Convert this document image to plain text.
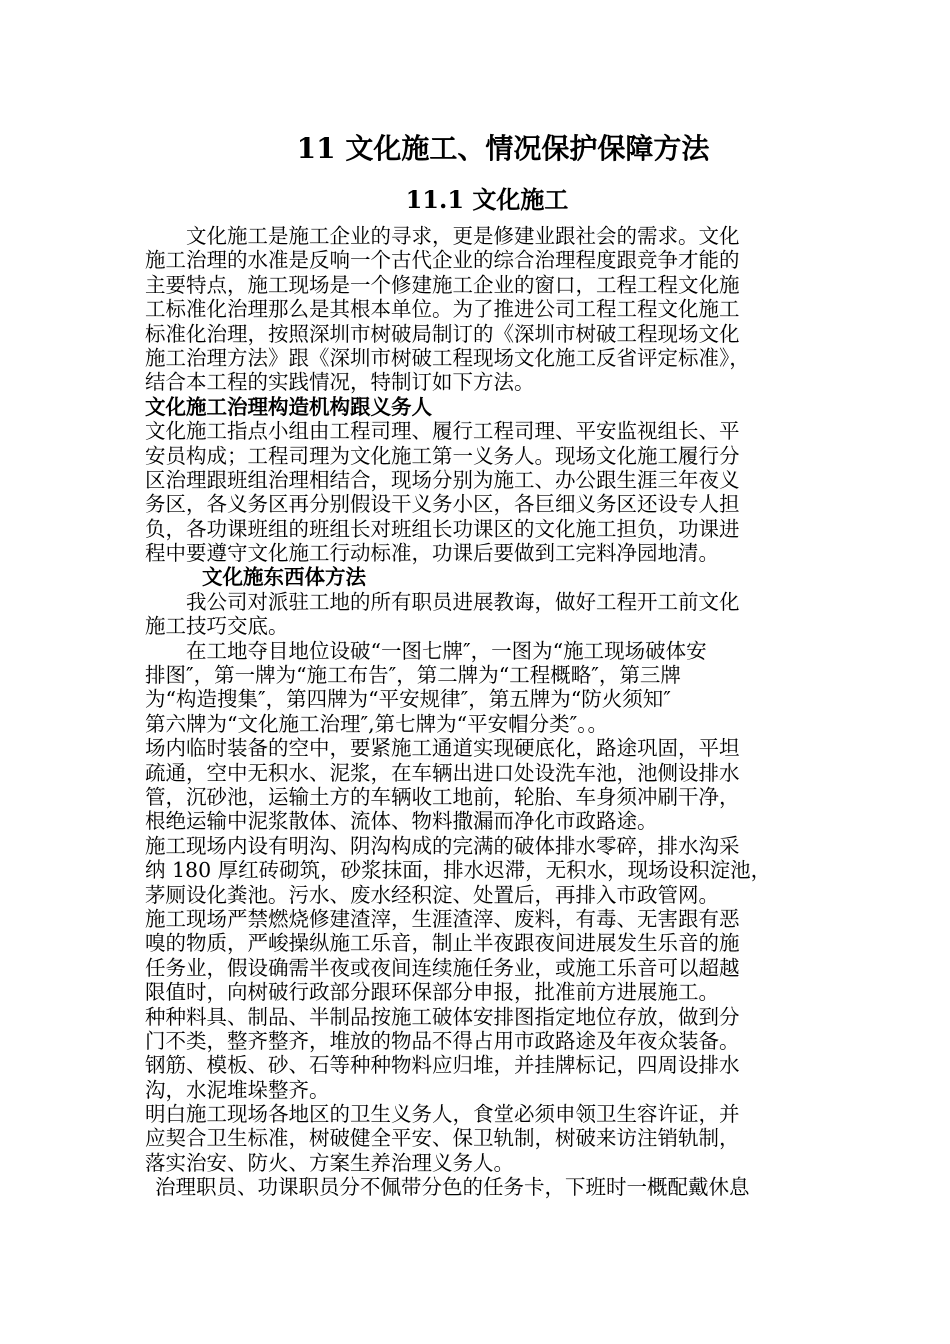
11 文化施工、情况保护保障方法
11.1 文化施工
文化施工是施工企业的寻求，更是修建业跟社会的需求。文化
施工治理的水准是反响一个古代企业的综合治理程度跟竞争才能的
主要特点，施工现场是一个修建施工企业的窗口，工程工程文化施
工标准化治理那么是其根本单位。为了推进公司工程工程文化施工
标准化治理，按照深圳市树破局制订的《深圳市树破工程现场文化
施工治理方法》跟《深圳市树破工程现场文化施工反省评定标准》，
结合本工程的实践情况，特制订如下方法。
文化施工治理构造机构跟义务人
文化施工指点小组由工程司理、履行工程司理、平安监视组长、平
安员构成；工程司理为文化施工第一义务人。现场文化施工履行分
区治理跟班组治理相结合，现场分别为施工、办公跟生涯三年夜义
务区，各义务区再分别假设干义务小区，各巨细义务区还设专人担
负，各功课班组的班组长对班组长功课区的文化施工担负，功课进
程中要遵守文化施工行动标准，功课后要做到工完料净园地清。
文化施东西体方法
我公司对派驻工地的所有职员进展教诲，做好工程开工前文化
施工技巧交底。
在工地夺目地位设破“一图七牌″，一图为“施工现场破体安
排图″，第一牌为“施工布告″，第二牌为“工程概略″，第三牌
为“构造搜集″，第四牌为“平安规律″，第五牌为“防火须知″
第六牌为“文化施工治理″,第七牌为“平安帽分类″。。
场内临时装备的空中，要紧施工通道实现硬底化，路途巩固，平坦
疏通，空中无积水、泥浆，在车辆出进口处设洗车池，池侧设排水
管，沉砂池，运输土方的车辆收工地前，轮胎、车身须冲刷干净，
根绝运输中泥浆散体、流体、物料撒漏而净化市政路途。
施工现场内设有明沟、阴沟构成的完满的破体排水零碎，排水沟采
纳 180 厚红砖砌筑，砂浆抹面，排水迟滞，无积水，现场设积淀池，
茅厕设化粪池。污水、废水经积淀、处置后，再排入市政管网。
施工现场严禁燃烧修建渣滓，生涯渣滓、废料，有毒、无害跟有恶
嗅的物质，严峻操纵施工乐音，制止半夜跟夜间进展发生乐音的施
任务业，假设确需半夜或夜间连续施任务业，或施工乐音可以超越
限值时，向树破行政部分跟环保部分申报，批准前方进展施工。
种种料具、制品、半制品按施工破体安排图指定地位存放，做到分
门不类，整齐整齐，堆放的物品不得占用市政路途及年夜众装备。
钢筋、模板、砂、石等种种物料应归堆，并挂牌标记，四周设排水
沟，水泥堆垛整齐。
明白施工现场各地区的卫生义务人，食堂必须申领卫生容许证，并
应契合卫生标准，树破健全平安、保卫轨制，树破来访注销轨制，
落实治安、防火、方案生养治理义务人。
治理职员、功课职员分不佩带分色的任务卡，下班时一概配戴休息
